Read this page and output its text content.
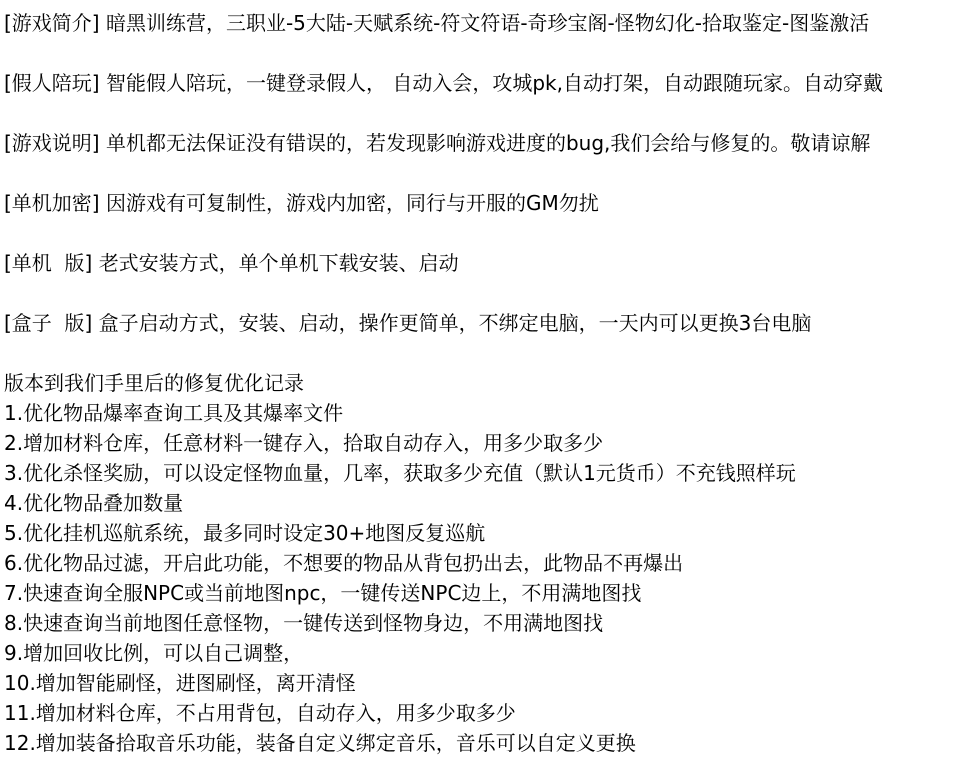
[游戏简介] 暗黑训练营，三职业-5大陆-天赋系统-符文符语-奇珍宝阁-怪物幻化-拾取鉴定-图鉴激活
[假人陪玩] 智能假人陪玩，一键登录假人， 自动入会，攻城pk,自动打架，自动跟随玩家。自动穿戴
[游戏说明] 单机都无法保证没有错误的，若发现影响游戏进度的bug,我们会给与修复的。敬请谅解
[单机加密] 因游戏有可复制性，游戏内加密，同行与开服的GM勿扰
[单机  版] 老式安装方式，单个单机下载安装、启动
[盒子  版] 盒子启动方式，安装、启动，操作更简单，不绑定电脑，一天内可以更换3台电脑
版本到我们手里后的修复优化记录
1.优化物品爆率查询工具及其爆率文件
2.增加材料仓库，任意材料一键存入，拾取自动存入，用多少取多少
3.优化杀怪奖励，可以设定怪物血量，几率，获取多少充值（默认1元货币）不充钱照样玩
4.优化物品叠加数量
5.优化挂机巡航系统，最多同时设定30+地图反复巡航
6.优化物品过滤，开启此功能，不想要的物品从背包扔出去，此物品不再爆出
7.快速查询全服NPC或当前地图npc，一键传送NPC边上，不用满地图找
8.快速查询当前地图任意怪物，一键传送到怪物身边，不用满地图找
9.增加回收比例，可以自己调整，
10.增加智能刷怪，进图刷怪，离开清怪
11.增加材料仓库，不占用背包，自动存入，用多少取多少
12.增加装备拾取音乐功能，装备自定义绑定音乐，音乐可以自定义更换
